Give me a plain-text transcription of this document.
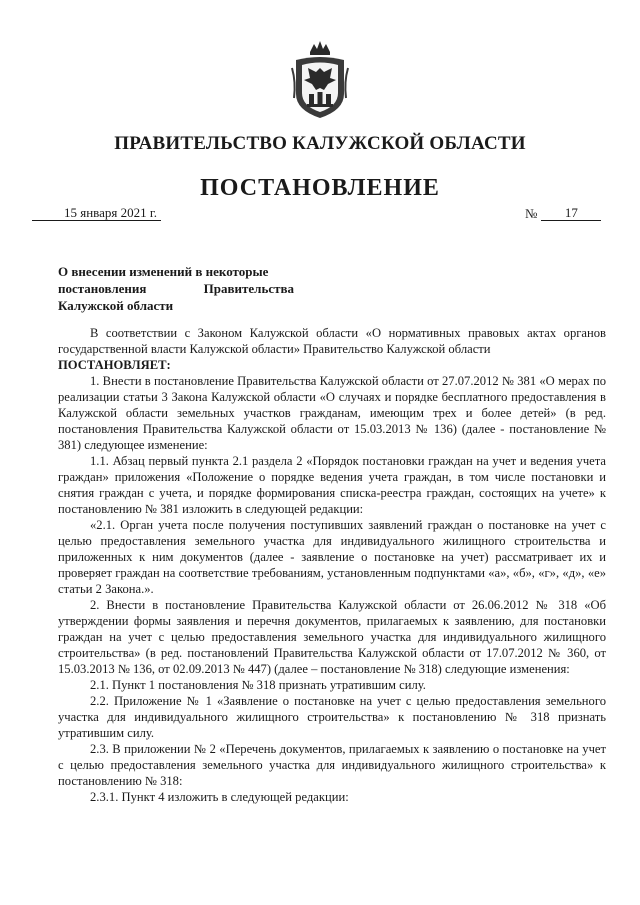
ПРАВИТЕЛЬСТВО КАЛУЖСКОЙ ОБЛАСТИ
ПОСТАНОВЛЕНИЕ
15 января 2021 г.	№	17
О внесении изменений в некоторые
постановления	Правительства
Калужской области

В соответствии с Законом Калужской области «О нормативных правовых актах органов государственной власти Калужской области» Правительство Калужской области
ПОСТАНОВЛЯЕТ:

1. Внести в постановление Правительства Калужской области от 27.07.2012 № 381 «О мерах по реализации статьи 3 Закона Калужской области «О случаях и порядке бесплатного предоставления в Калужской области земельных участков гражданам, имеющим трех и более детей» (в ред. постановления Правительства Калужской области от 15.03.2013 № 136) (далее - постановление № 381) следующее изменение:

1.1. Абзац первый пункта 2.1 раздела 2 «Порядок постановки граждан на учет и ведения учета граждан» приложения «Положение о порядке ведения учета граждан, в том числе постановки и снятия граждан с учета, и порядке формирования списка-реестра граждан, состоящих на учете» к постановлению № 381 изложить в следующей редакции:

«2.1. Орган учета после получения поступивших заявлений граждан о постановке на учет с целью предоставления земельного участка для индивидуального жилищного строительства и приложенных к ним документов (далее - заявление о постановке на учет) рассматривает их и проверяет граждан на соответствие требованиям, установленным подпунктами «а», «б», «г», «д», «е» статьи 2 Закона.».

2. Внести в постановление Правительства Калужской области от 26.06.2012 № 318 «Об утверждении формы заявления и перечня документов, прилагаемых к заявлению, для постановки граждан на учет с целью предоставления земельного участка для индивидуального жилищного строительства» (в ред. постановлений Правительства Калужской области от 17.07.2012 № 360, от 15.03.2013 № 136, от 02.09.2013 № 447) (далее – постановление № 318) следующие изменения:

2.1. Пункт 1 постановления № 318 признать утратившим силу.

2.2. Приложение № 1 «Заявление о постановке на учет с целью предоставления земельного участка для индивидуального жилищного строительства» к постановлению № 318 признать утратившим силу.

2.3. В приложении № 2 «Перечень документов, прилагаемых к заявлению о постановке на учет с целью предоставления земельного участка для индивидуального жилищного строительства» к постановлению № 318:

2.3.1. Пункт 4 изложить в следующей редакции:
